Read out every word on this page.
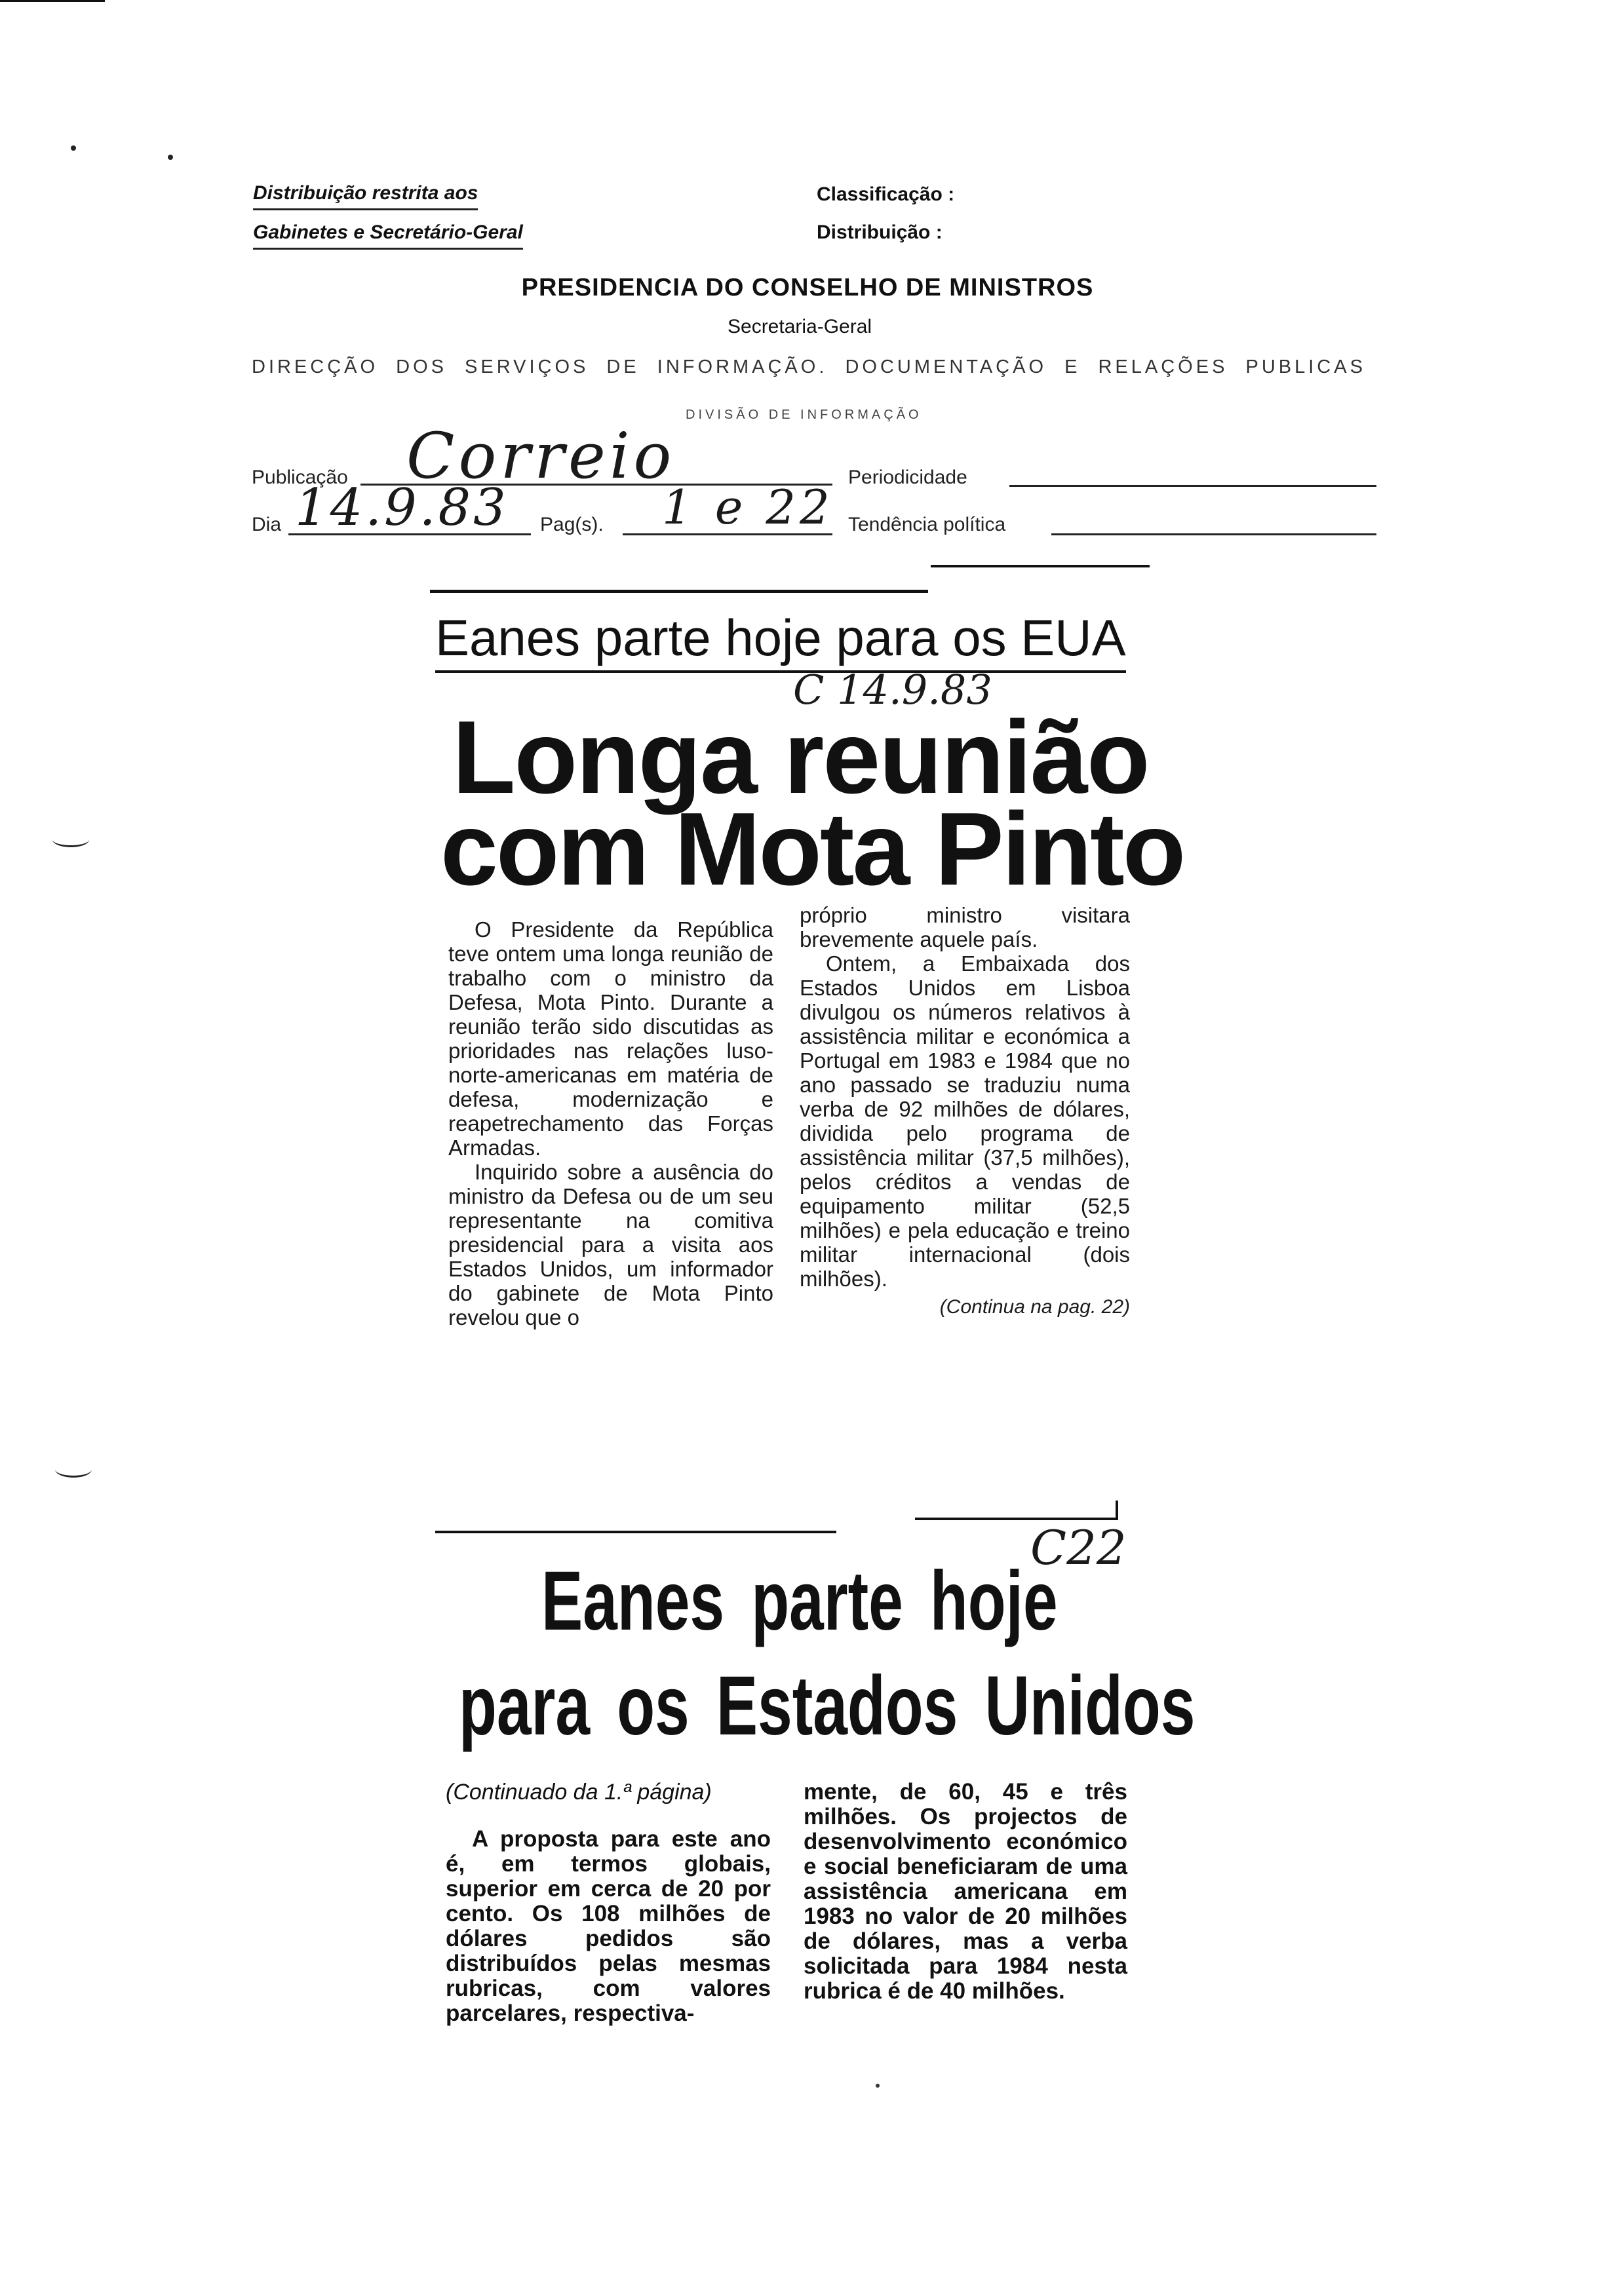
Distribuição restrita aos
Gabinetes e Secretário-Geral
Classificação :
Distribuição :
PRESIDENCIA DO CONSELHO DE MINISTROS
Secretaria-Geral
DIRECÇÃO DOS SERVIÇOS DE INFORMAÇÃO. DOCUMENTAÇÃO E RELAÇÕES PUBLICAS
DIVISÃO DE INFORMAÇÃO
Publicação Correio	Periodicidade
Dia 14.9.83 Pag(s). 1 e 22 Tendência política
Eanes parte hoje para os EUA
C 14.9.83
Longa reunião
com Mota Pinto

O Presidente da República teve ontem uma longa reunião de trabalho com o ministro da Defesa, Mota Pinto. Durante a reunião terão sido discutidas as prioridades nas relações luso-norte-americanas em matéria de defesa, modernização e reapetrechamento das Forças Armadas.

Inquirido sobre a ausência do ministro da Defesa ou de um seu representante na comitiva presidencial para a visita aos Estados Unidos, um informador do gabinete de Mota Pinto revelou que o

próprio ministro visitara brevemente aquele país.

Ontem, a Embaixada dos Estados Unidos em Lisboa divulgou os números relativos à assistência militar e económica a Portugal em 1983 e 1984 que no ano passado se traduziu numa verba de 92 milhões de dólares, dividida pelo programa de assistência militar (37,5 milhões), pelos créditos a vendas de equipamento militar (52,5 milhões) e pela educação e treino militar internacional (dois milhões).

(Continua na pag. 22)
C22
Eanes parte hoje
para os Estados Unidos
(Continuado da 1.ª página)

A proposta para este ano é, em termos globais, superior em cerca de 20 por cento. Os 108 milhões de dólares pedidos são distribuídos pelas mesmas rubricas, com valores parcelares, respectiva-

mente, de 60, 45 e três milhões. Os projectos de desenvolvimento económico e social beneficiaram de uma assistência americana em 1983 no valor de 20 milhões de dólares, mas a verba solicitada para 1984 nesta rubrica é de 40 milhões.
